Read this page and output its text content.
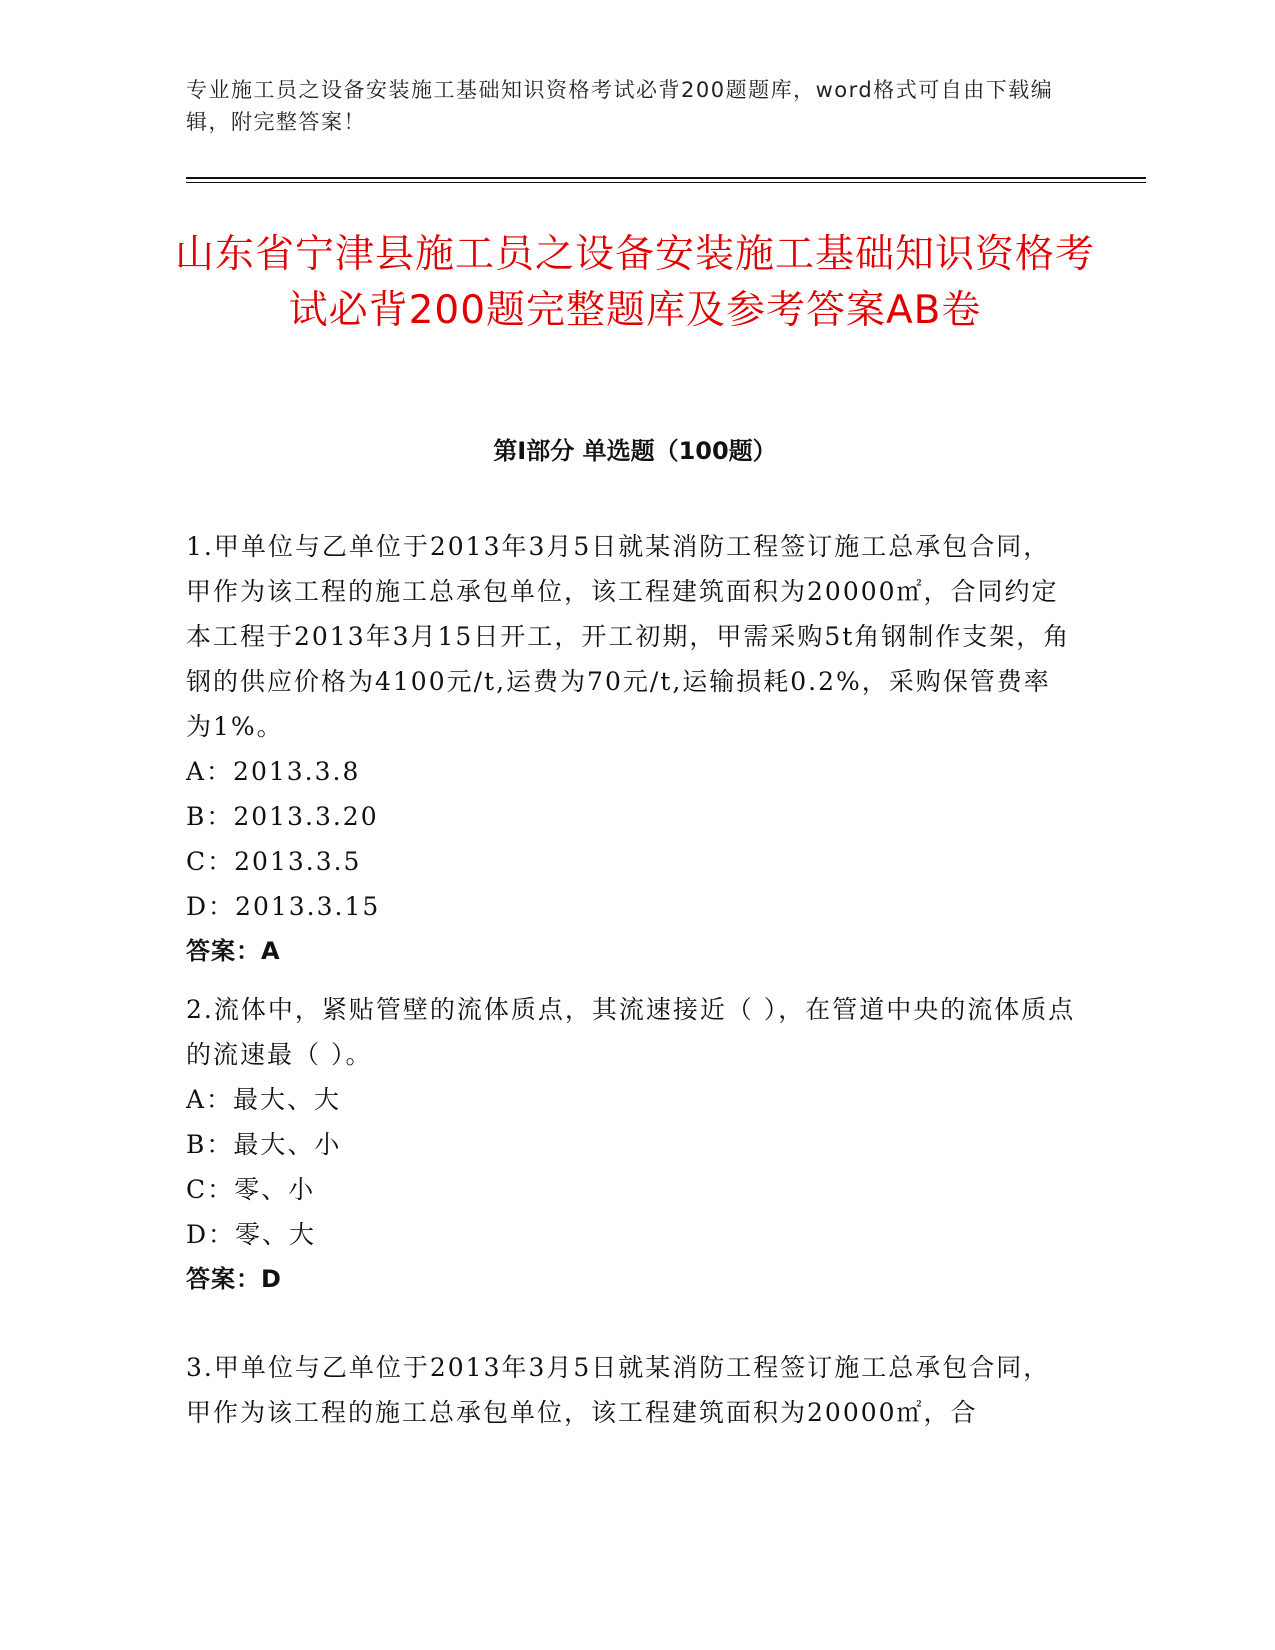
专业施工员之设备安装施工基础知识资格考试必背200题题库，word格式可自由下载编辑，附完整答案！

山东省宁津县施工员之设备安装施工基础知识资格考试必背200题完整题库及参考答案AB卷
第I部分 单选题（100题）

1.甲单位与乙单位于2013年3月5日就某消防工程签订施工总承包合同，甲作为该工程的施工总承包单位，该工程建筑面积为20000㎡，合同约定本工程于2013年3月15日开工，开工初期，甲需采购5t角钢制作支架，角钢的供应价格为4100元/t,运费为70元/t,运输损耗0.2%，采购保管费率为1%。

A：2013.3.8
B：2013.3.20
C：2013.3.5
D：2013.3.15

答案：A

2.流体中，紧贴管壁的流体质点，其流速接近（ ），在管道中央的流体质点的流速最（ ）。

A：最大、大
B：最大、小
C：零、小
D：零、大

答案：D

3.甲单位与乙单位于2013年3月5日就某消防工程签订施工总承包合同，甲作为该工程的施工总承包单位，该工程建筑面积为20000㎡，合
